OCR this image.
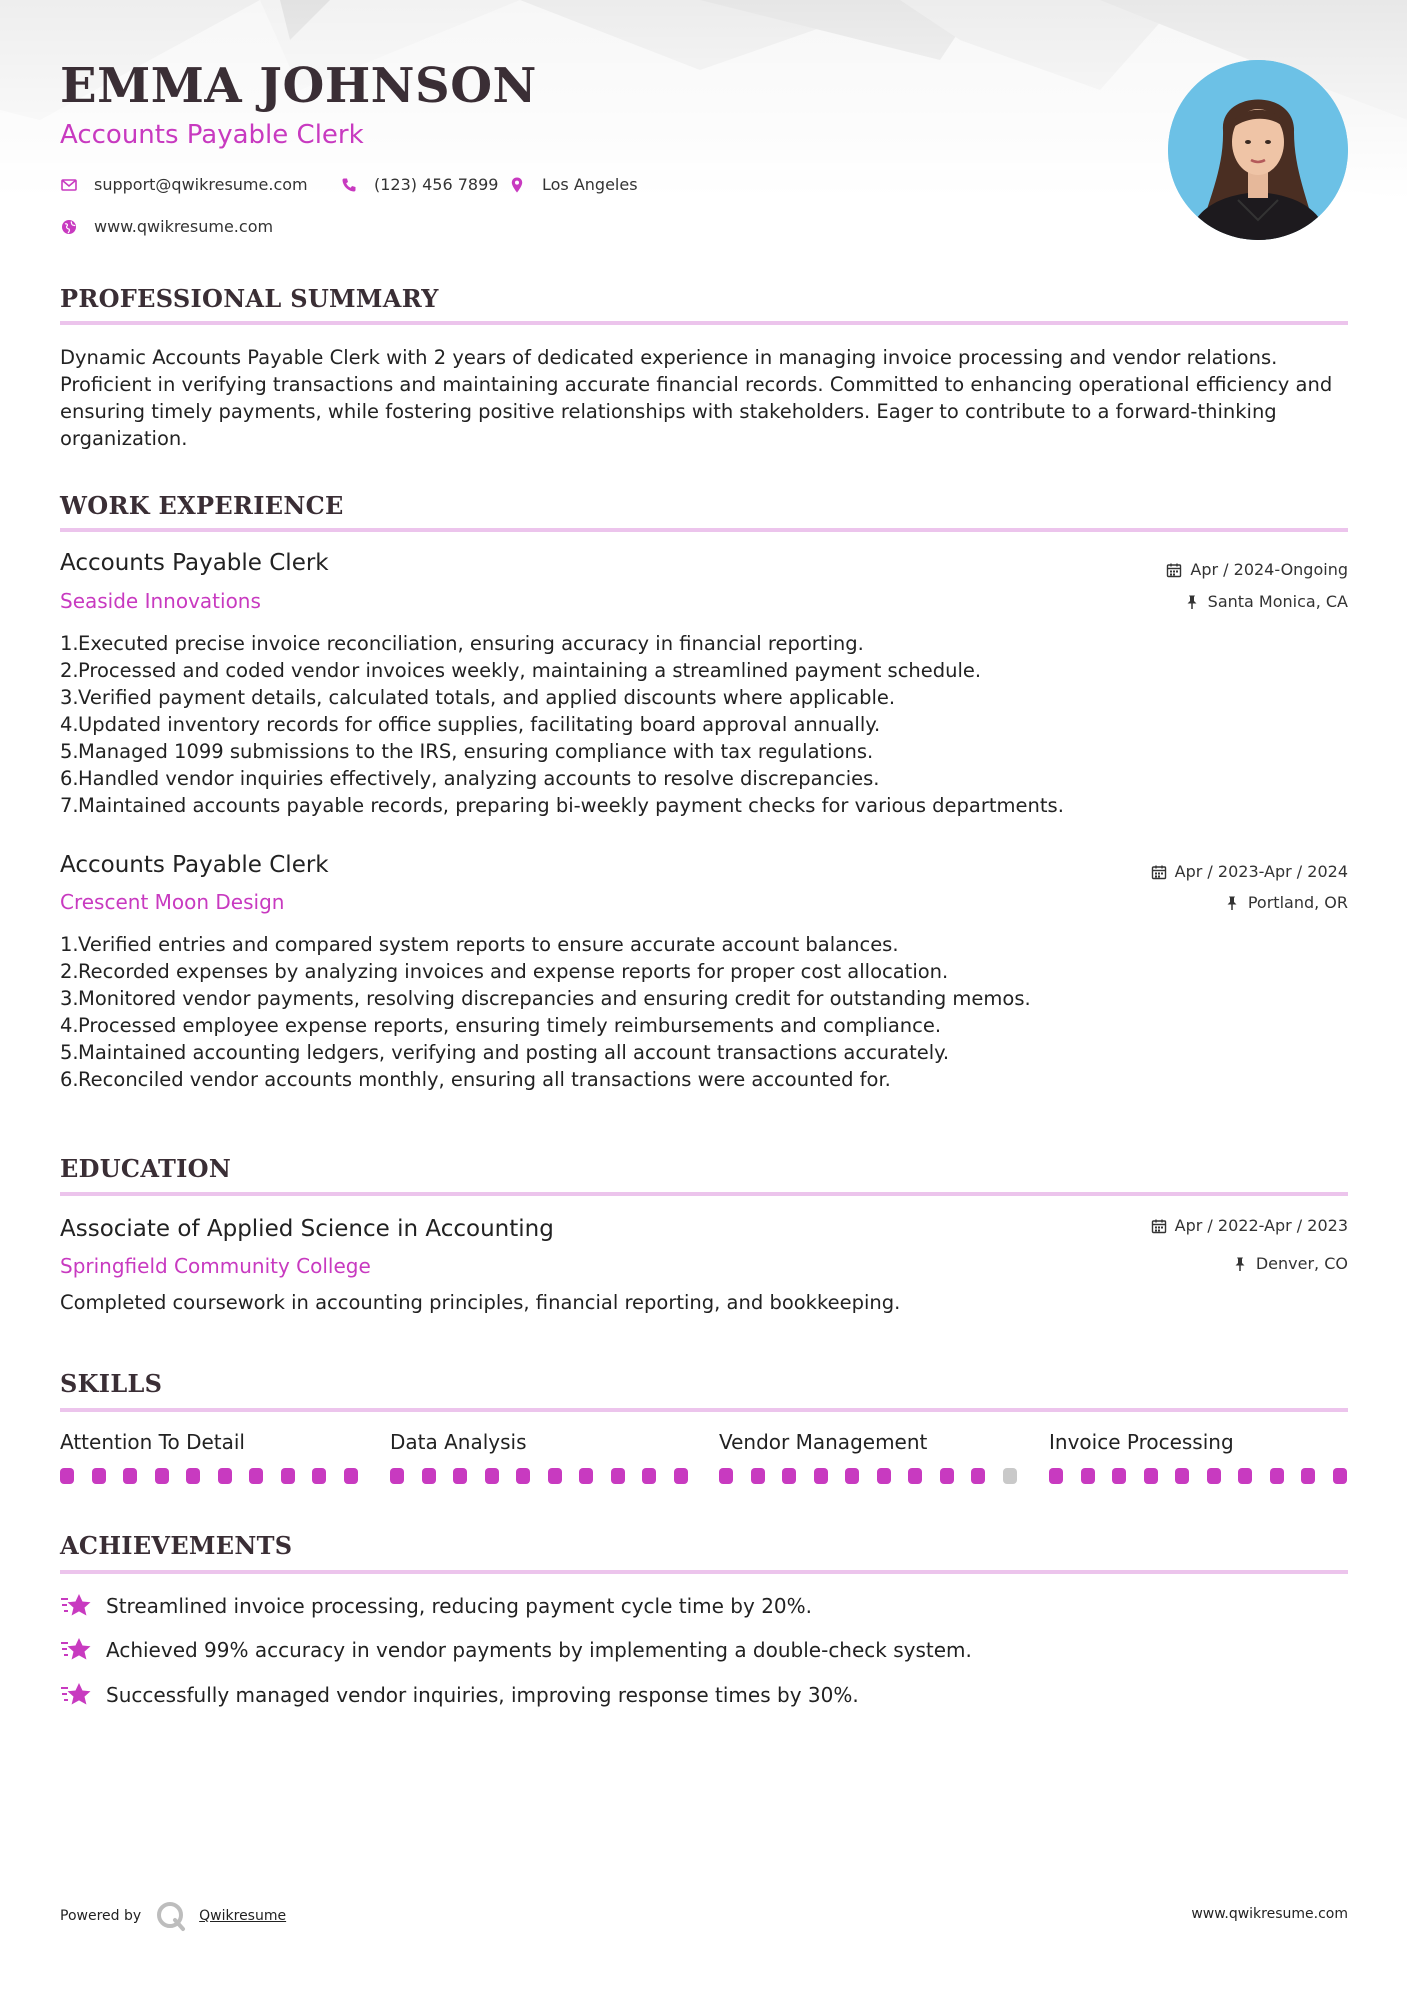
EMMA JOHNSON
Accounts Payable Clerk
support@qwikresume.com	(123) 456 7899	Los Angeles
www.qwikresume.com
PROFESSIONAL SUMMARY
Dynamic Accounts Payable Clerk with 2 years of dedicated experience in managing invoice processing and vendor relations. Proficient in verifying transactions and maintaining accurate financial records. Committed to enhancing operational efficiency and ensuring timely payments, while fostering positive relationships with stakeholders. Eager to contribute to a forward-thinking organization.
WORK EXPERIENCE
Accounts Payable Clerk
Seaside Innovations
Apr / 2024-Ongoing
Santa Monica, CA
1. Executed precise invoice reconciliation, ensuring accuracy in financial reporting.
2. Processed and coded vendor invoices weekly, maintaining a streamlined payment schedule.
3. Verified payment details, calculated totals, and applied discounts where applicable.
4. Updated inventory records for office supplies, facilitating board approval annually.
5. Managed 1099 submissions to the IRS, ensuring compliance with tax regulations.
6. Handled vendor inquiries effectively, analyzing accounts to resolve discrepancies.
7. Maintained accounts payable records, preparing bi-weekly payment checks for various departments.
Accounts Payable Clerk
Crescent Moon Design
Apr / 2023-Apr / 2024
Portland, OR
1. Verified entries and compared system reports to ensure accurate account balances.
2. Recorded expenses by analyzing invoices and expense reports for proper cost allocation.
3. Monitored vendor payments, resolving discrepancies and ensuring credit for outstanding memos.
4. Processed employee expense reports, ensuring timely reimbursements and compliance.
5. Maintained accounting ledgers, verifying and posting all account transactions accurately.
6. Reconciled vendor accounts monthly, ensuring all transactions were accounted for.
EDUCATION
Associate of Applied Science in Accounting
Springfield Community College
Apr / 2022-Apr / 2023
Denver, CO
Completed coursework in accounting principles, financial reporting, and bookkeeping.
SKILLS
Attention To Detail	Data Analysis	Vendor Management	Invoice Processing
ACHIEVEMENTS
Streamlined invoice processing, reducing payment cycle time by 20%.
Achieved 99% accuracy in vendor payments by implementing a double-check system.
Successfully managed vendor inquiries, improving response times by 30%.
Powered by	Qwikresume	www.qwikresume.com
